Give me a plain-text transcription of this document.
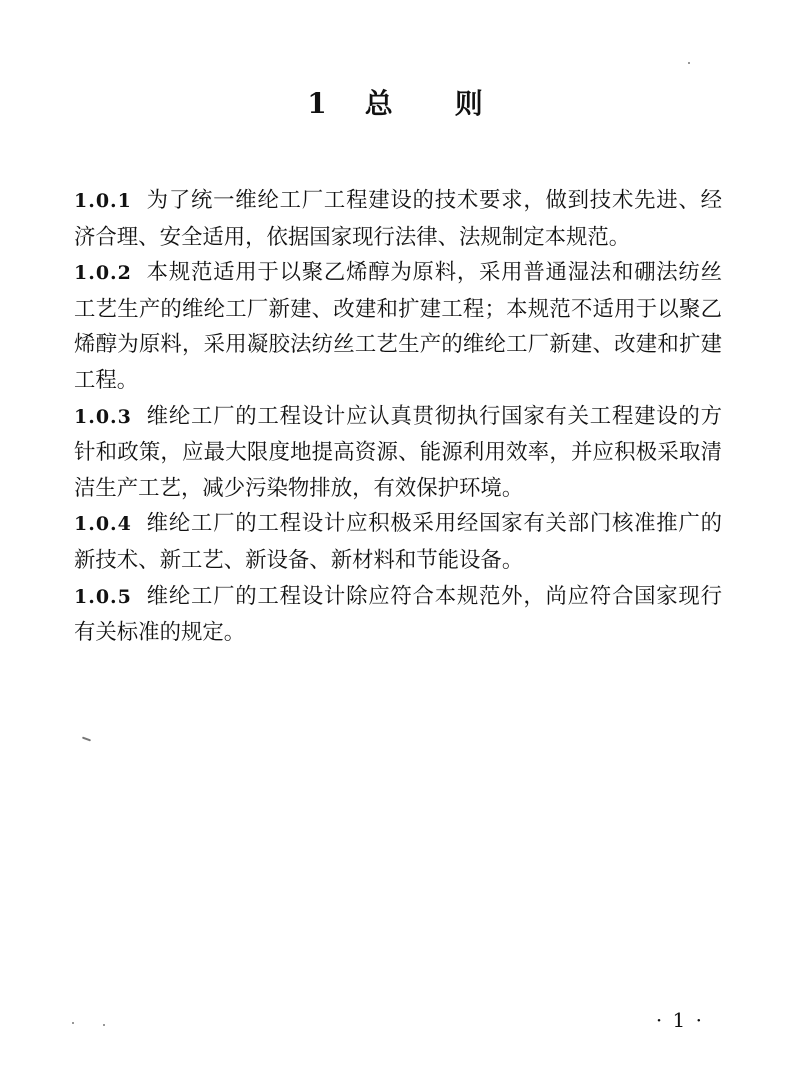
1 总 则

1.0.1 为了统一维纶工厂工程建设的技术要求，做到技术先进、经济合理、安全适用，依据国家现行法律、法规制定本规范。

1.0.2 本规范适用于以聚乙烯醇为原料，采用普通湿法和硼法纺丝工艺生产的维纶工厂新建、改建和扩建工程；本规范不适用于以聚乙烯醇为原料，采用凝胶法纺丝工艺生产的维纶工厂新建、改建和扩建工程。

1.0.3 维纶工厂的工程设计应认真贯彻执行国家有关工程建设的方针和政策，应最大限度地提高资源、能源利用效率，并应积极采取清洁生产工艺，减少污染物排放，有效保护环境。

1.0.4 维纶工厂的工程设计应积极采用经国家有关部门核准推广的新技术、新工艺、新设备、新材料和节能设备。

1.0.5 维纶工厂的工程设计除应符合本规范外，尚应符合国家现行有关标准的规定。

· 1 ·
